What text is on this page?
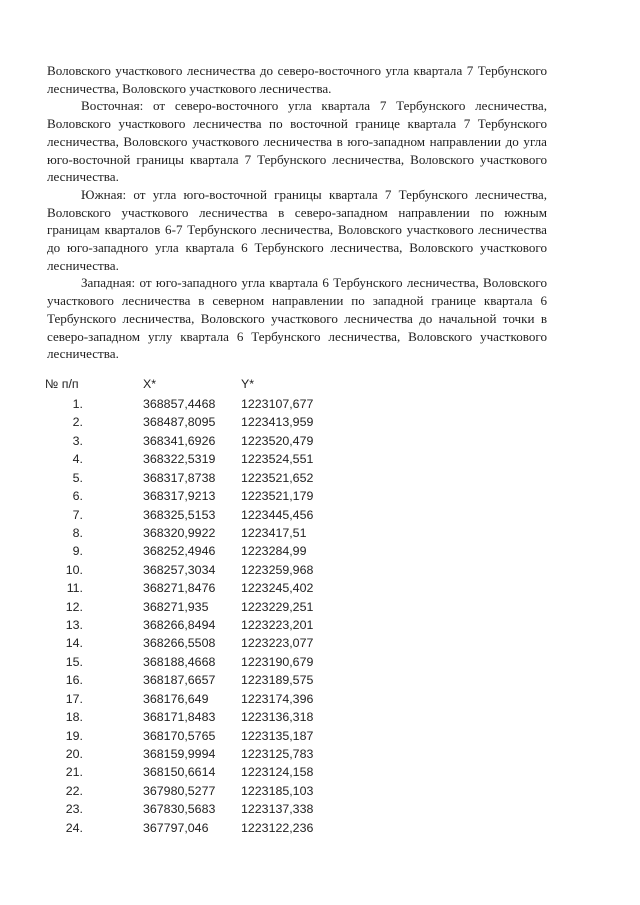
Воловского участкового лесничества до северо-восточного угла квартала 7 Тербунского лесничества, Воловского участкового лесничества.

Восточная: от северо-восточного угла квартала 7 Тербунского лесничества, Воловского участкового лесничества по восточной границе квартала 7 Тербунского лесничества, Воловского участкового лесничества в юго-западном направлении до угла юго-восточной границы квартала 7 Тербунского лесничества, Воловского участкового лесничества.

Южная: от угла юго-восточной границы квартала 7 Тербунского лесничества, Воловского участкового лесничества в северо-западном направлении по южным границам кварталов 6-7 Тербунского лесничества, Воловского участкового лесничества до юго-западного угла квартала 6 Тербунского лесничества, Воловского участкового лесничества.

Западная: от юго-западного угла квартала 6 Тербунского лесничества, Воловского участкового лесничества в северном направлении по западной границе квартала 6 Тербунского лесничества, Воловского участкового лесничества до начальной точки в северо-западном углу квартала 6 Тербунского лесничества, Воловского участкового лесничества.

№ п/п	X*	Y*
1.	368857,4468 1223107,677
2.	368487,8095 1223413,959
3.	368341,6926 1223520,479
4.	368322,5319 1223524,551
5.	368317,8738 1223521,652
6.	368317,9213 1223521,179
7.	368325,5153 1223445,456
8.	368320,9922 1223417,51
9.	368252,4946 1223284,99
10.	368257,3034 1223259,968
11.	368271,8476 1223245,402
12.	368271,935	1223229,251
13.	368266,8494 1223223,201
14.	368266,5508 1223223,077
15.	368188,4668 1223190,679
16.	368187,6657 1223189,575
17.	368176,649	1223174,396
18.	368171,8483 1223136,318
19.	368170,5765 1223135,187
20.	368159,9994 1223125,783
21.	368150,6614 1223124,158
22.	367980,5277 1223185,103
23.	367830,5683 1223137,338
24.	367797,046	1223122,236
